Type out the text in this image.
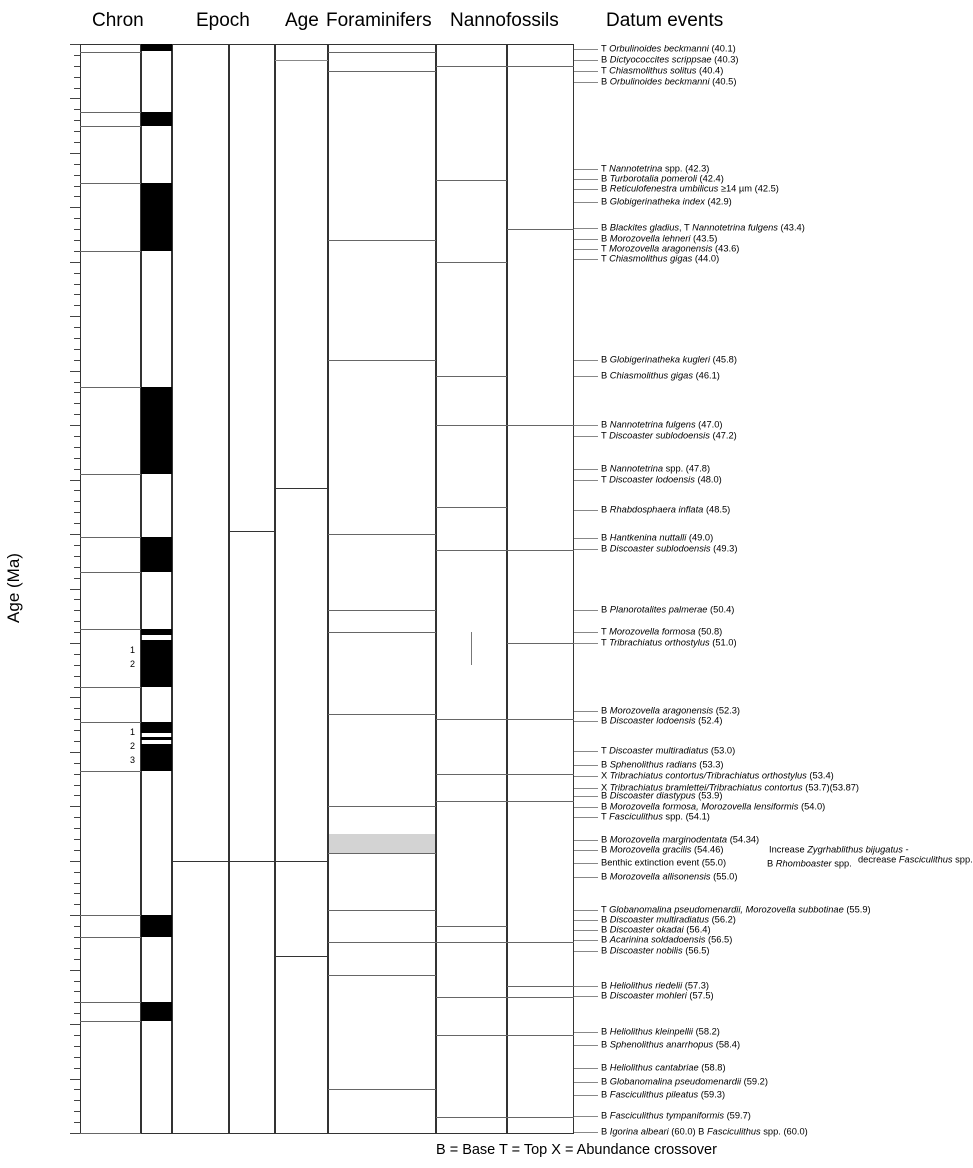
Chron	Epoch Age Foraminifers Nannofossils Datum events
Age (Ma)
1
2
1
2
3
T Orbulinoides beckmanni (40.1)
B Dictyococcites scrippsae (40.3)
T Chiasmolithus solitus (40.4)
B Orbulinoides beckmanni (40.5)
T Nannotetrina spp. (42.3)
B Turborotalia pomeroli (42.4)
B Reticulofenestra umbilicus ≥14 µm (42.5)
B Globigerinatheka index (42.9)
B Blackites gladius, T Nannotetrina fulgens (43.4)
B Morozovella lehneri (43.5)
T Morozovella aragonensis (43.6)
T Chiasmolithus gigas (44.0)
B Globigerinatheka kugleri (45.8)
B Chiasmolithus gigas (46.1)
B Nannotetrina fulgens (47.0)
T Discoaster sublodoensis (47.2)
B Nannotetrina spp. (47.8)
T Discoaster lodoensis (48.0)
B Rhabdosphaera inflata (48.5)
B Hantkenina nuttalli (49.0)
B Discoaster sublodoensis (49.3)
B Planorotalites palmerae (50.4)
T Morozovella formosa (50.8)
T Tribrachiatus orthostylus (51.0)
B Morozovella aragonensis (52.3)
B Discoaster lodoensis (52.4)
T Discoaster multiradiatus (53.0)
B Sphenolithus radians (53.3)
X Tribrachiatus contortus/Tribrachiatus orthostylus (53.4)
X Tribrachiatus bramlettei/Tribrachiatus contortus (53.7)(53.87)
B Discoaster diastypus (53.9)
B Morozovella formosa, Morozovella lensiformis (54.0)
T Fasciculithus spp. (54.1)
B Morozovella marginodentata (54.34)
B Morozovella gracilis (54.46)
Benthic extinction event (55.0)
B Morozovella allisonensis (55.0)
T Globanomalina pseudomenardii, Morozovella subbotinae (55.9)
B Discoaster multiradiatus (56.2)
B Discoaster okadai (56.4)
B Acarinina soldadoensis (56.5)
B Discoaster nobilis (56.5)
B Heliolithus riedelii (57.3)
B Discoaster mohleri (57.5)
B Heliolithus kleinpellii (58.2)
B Sphenolithus anarrhopus (58.4)
B Heliolithus cantabriae (58.8)
B Globanomalina pseudomenardii (59.2)
B Fasciculithus pileatus (59.3)
B Fasciculithus tympaniformis (59.7)
B Igorina albeari (60.0) B Fasciculithus spp. (60.0)
Increase Zygrhablithus bijugatus -
decrease Fasciculithus spp.
B Rhomboaster spp.
B = Base T = Top X = Abundance crossover
